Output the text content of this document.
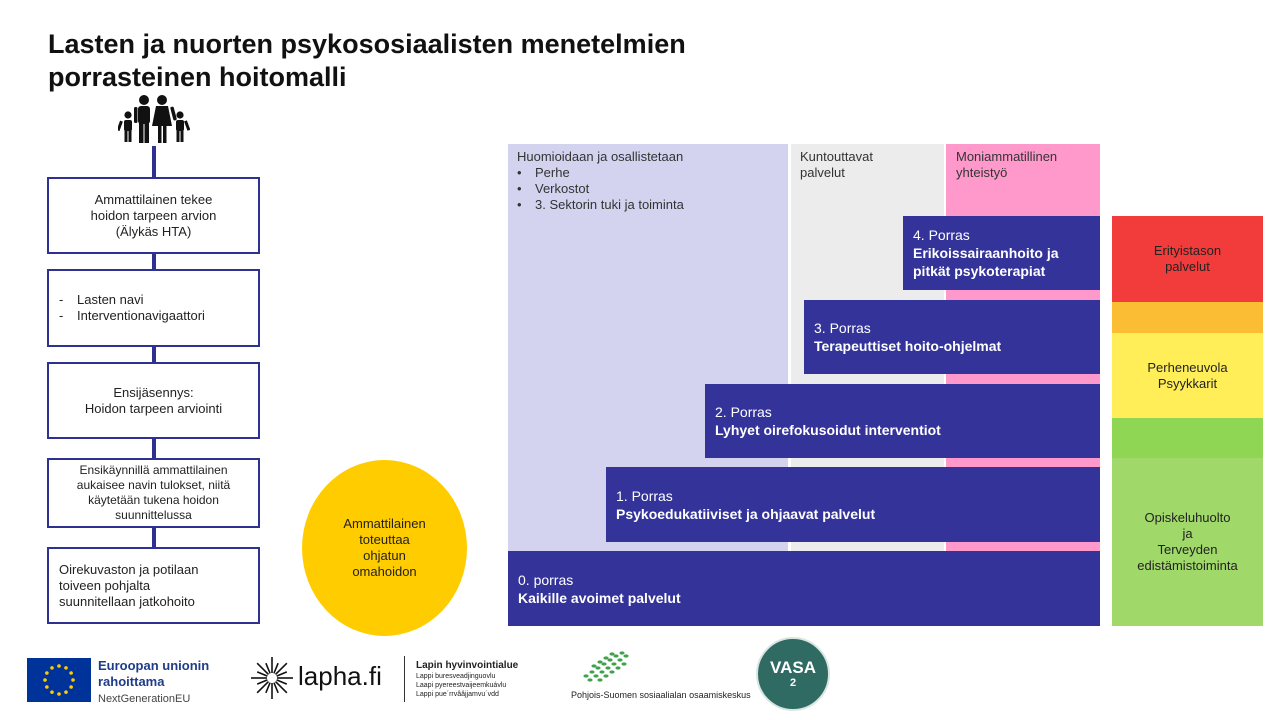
Lasten ja nuorten psykososiaalisten menetelmien
porrasteinen hoitomalli
Ammattilainen tekee
hoidon tarpeen arvion
(Älykäs HTA)
- Lasten navi
- Interventionavigaattori
Ensijäsennys:
Hoidon tarpeen arviointi
Ensikäynnillä ammattilainen
aukaisee navin tulokset, niitä
käytetään tukena hoidon
suunnittelussa
Oirekuvaston ja potilaan
toiveen pohjalta
suunnitellaan jatkohoito
Ammattilainen
toteuttaa
ohjatun
omahoidon
Huomioidaan ja osallistetaan
• Perhe
• Verkostot
• 3. Sektorin tuki ja toiminta
Kuntouttavat
palvelut
Moniammatillinen
yhteistyö
4. Porras
Erikoissairaanhoito ja
pitkät psykoterapiat
3. Porras
Terapeuttiset hoito-ohjelmat
2. Porras
Lyhyet oirefokusoidut interventiot
1. Porras
Psykoedukatiiviset ja ohjaavat palvelut
0. porras
Kaikille avoimet palvelut
Erityistason
palvelut
Perheneuvola
Psyykkarit
Opiskeluhuolto
ja
Terveyden
edistämistoiminta
Euroopan unionin
rahoittama
NextGenerationEU
lapha.fi	Lapin hyvinvointialue
Lappi buresveadjinguovlu
Laapi pyereestvaijeemkuávlu
Lappi pue´rrvââjjamvu´vdd	Pohjois-Suomen sosiaalialan osaamiskeskus
VASA
2
